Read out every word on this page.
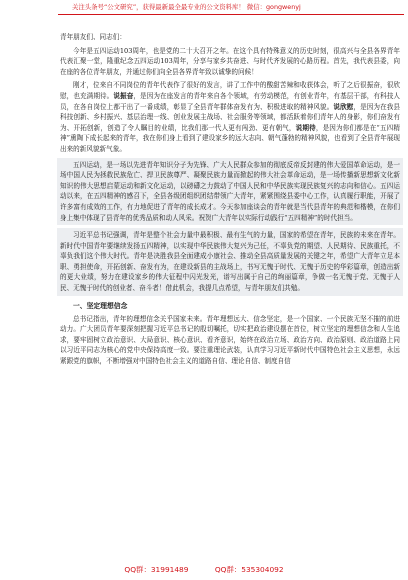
关注头条号“公文研究”，获得最新最全最专业的公文资料库！ 微信：gongwenyj

青年朋友们、同志们：

今年是五四运动103周年，也是党的二十大召开之年。在这个具有特殊意义的历史时刻，很高兴与全县各界青年代表汇聚一堂，隆重纪念五四运动103周年，分享与家乡共奋进、与时代齐发展的心路历程。首先，我代表县委，向在座的各位青年朋友，并通过你们向全县各界青年致以诚挚的问候！

刚才，位来自不同岗位的青年代表作了很好的发言，讲了工作中的酸甜苦辣和收获体会，听了之后很振奋，很欣慰，也充满期待。说振奋，是因为在座发言的青年来自各个领域，有劳动模范，有创业青年，有基层干部，有科技人员，在各自岗位上都干出了一番成绩，彰显了全县青年群体奋发有为、积极进取的精神风貌。说欣慰，是因为在我县科技创新、乡村振兴、基层治理一线、创业发展主战场、社会服务等领域，都活跃着你们青年人的身影，你们奋发有为、开拓创新，创造了令人瞩目的业绩，比我们那一代人更有闯劲、更有朝气，说期待，是因为你们都是在“五四精神”熏陶下成长起来的青年，我在你们身上看到了建设家乡的远大志向、朝气蓬勃的精神风貌，也看到了全县青年展现出来的新风貌新气象。

五四运动，是一场以先进青年知识分子为先锋、广大人民群众参加的彻底反帝反封建的伟大爱国革命运动，是一场中国人民为拯救民族危亡、捍卫民族尊严、凝聚民族力量而掀起的伟大社会革命运动，是一场传播新思想新文化新知识的伟大思想启蒙运动和新文化运动，以磅礴之力鼓动了中国人民和中华民族实现民族复兴的志向和信心。五四运动以来，在五四精神的感召下，全县各级团组织团结带领广大青年，紧紧围绕县委中心工作，认真履行职能，开展了许多富有成效的工作，有力地促进了青年的成长成才。今天参加座谈会的青年就是当代县青年的典范和楷模，在你们身上集中体现了县青年的优秀品质和动人风采。祝贺广大青年以实际行动践行“五四精神”的时代担当。

习近平总书记强调，青年是整个社会力量中最积极、最有生气的力量，国家的希望在青年，民族的未来在青年。新时代中国青年要继续发扬五四精神，以实现中华民族伟大复兴为己任，不辜负党的期望、人民期待、民族重托，不辜负我们这个伟大时代。青年是决胜我县全面建成小康社会、推动全县高质量发展的关键之年，希望广大青年立足本职、勇担使命，开拓创新、奋发有为，在建设新县的主战场上，书写无愧于时代、无愧于历史的华彩篇章，创造出新的更大业绩，努力在建设家乡的伟大征程中闪光发光，谱写出属于自己的绚丽篇章，争做一名无愧于党、无愧于人民、无愧于时代的创业者、奋斗者！借此机会，我提几点希望，与青年朋友们共勉。

一、坚定理想信念

总书记指出，青年的理想信念关乎国家未来。青年理想远大、信念坚定，是一个国家、一个民族无坚不摧的前进动力。广大团员青年要深刻把握习近平总书记的殷切嘱托，切实把政治建设摆在首位，树立坚定的理想信念和人生追求，要牢固树立政治意识、大局意识、核心意识、看齐意识，始终在政治立场、政治方向、政治原则、政治道路上同以习近平同志为核心的党中央保持高度一致。要注重理论武装，认真学习习近平新时代中国特色社会主义思想，永远紧跟党的旗帜，不断增强对中国特色社会主义的道路自信、理论自信、制度自信

QQ群：31991489	QQ群：535304092
